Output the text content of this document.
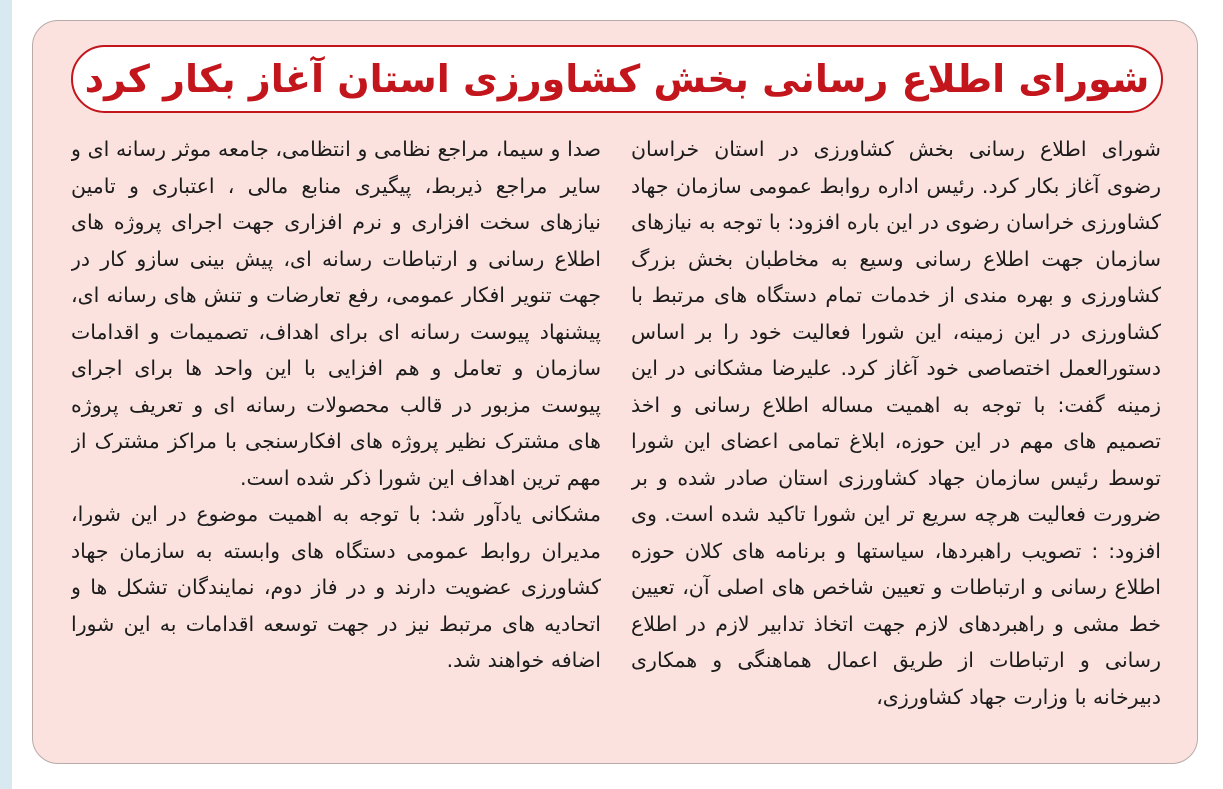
شورای اطلاع رسانی بخش کشاورزی استان آغاز بکار کرد

شورای اطلاع رسانی بخش کشاورزی در استان خراسان رضوی آغاز بکار کرد. رئیس اداره روابط عمومی سازمان جهاد کشاورزی خراسان رضوی در این باره افزود: با توجه به نیازهای سازمان جهت اطلاع رسانی وسیع به مخاطبان بخش بزرگ کشاورزی و بهره مندی از خدمات تمام دستگاه های مرتبط با کشاورزی در این زمینه، این شورا فعالیت خود را بر اساس دستورالعمل اختصاصی خود آغاز کرد. علیرضا مشکانی در این زمینه گفت: با توجه به اهمیت مساله اطلاع رسانی و اخذ تصمیم های مهم در این حوزه، ابلاغ تمامی اعضای این شورا توسط رئیس سازمان جهاد کشاورزی استان صادر شده و بر ضرورت فعالیت هرچه سریع تر این شورا تاکید شده است. وی افزود: : تصویب راهبردها، سیاستها و برنامه های کلان حوزه اطلاع رسانی و ارتباطات و تعیین شاخص های اصلی آن، تعیین خط مشی و راهبردهای لازم جهت اتخاذ تدابیر لازم در اطلاع رسانی و ارتباطات از طریق اعمال هماهنگی و همکاری دبیرخانه با وزارت جهاد کشاورزی،

صدا و سیما، مراجع نظامی و انتظامی، جامعه موثر رسانه ای و سایر مراجع ذیربط، پیگیری منابع مالی ، اعتباری و تامین نیازهای سخت افزاری و نرم افزاری جهت اجرای پروژه های اطلاع رسانی و ارتباطات رسانه ای، پیش بینی سازو کار در جهت تنویر افکار عمومی، رفع تعارضات و تنش های رسانه ای، پیشنهاد پیوست رسانه ای برای اهداف، تصمیمات و اقدامات سازمان و تعامل و هم افزایی با این واحد ها برای اجرای پیوست مزبور در قالب محصولات رسانه ای و تعریف پروژه های مشترک نظیر پروژه های افکارسنجی با مراکز مشترک از مهم ترین اهداف این شورا ذکر شده است.

مشکانی یادآور شد: با توجه به اهمیت موضوع در این شورا، مدیران روابط عمومی دستگاه های وابسته به سازمان جهاد کشاورزی عضویت دارند و در فاز دوم، نمایندگان تشکل ها و اتحادیه های مرتبط نیز در جهت توسعه اقدامات به این شورا اضافه خواهند شد.
